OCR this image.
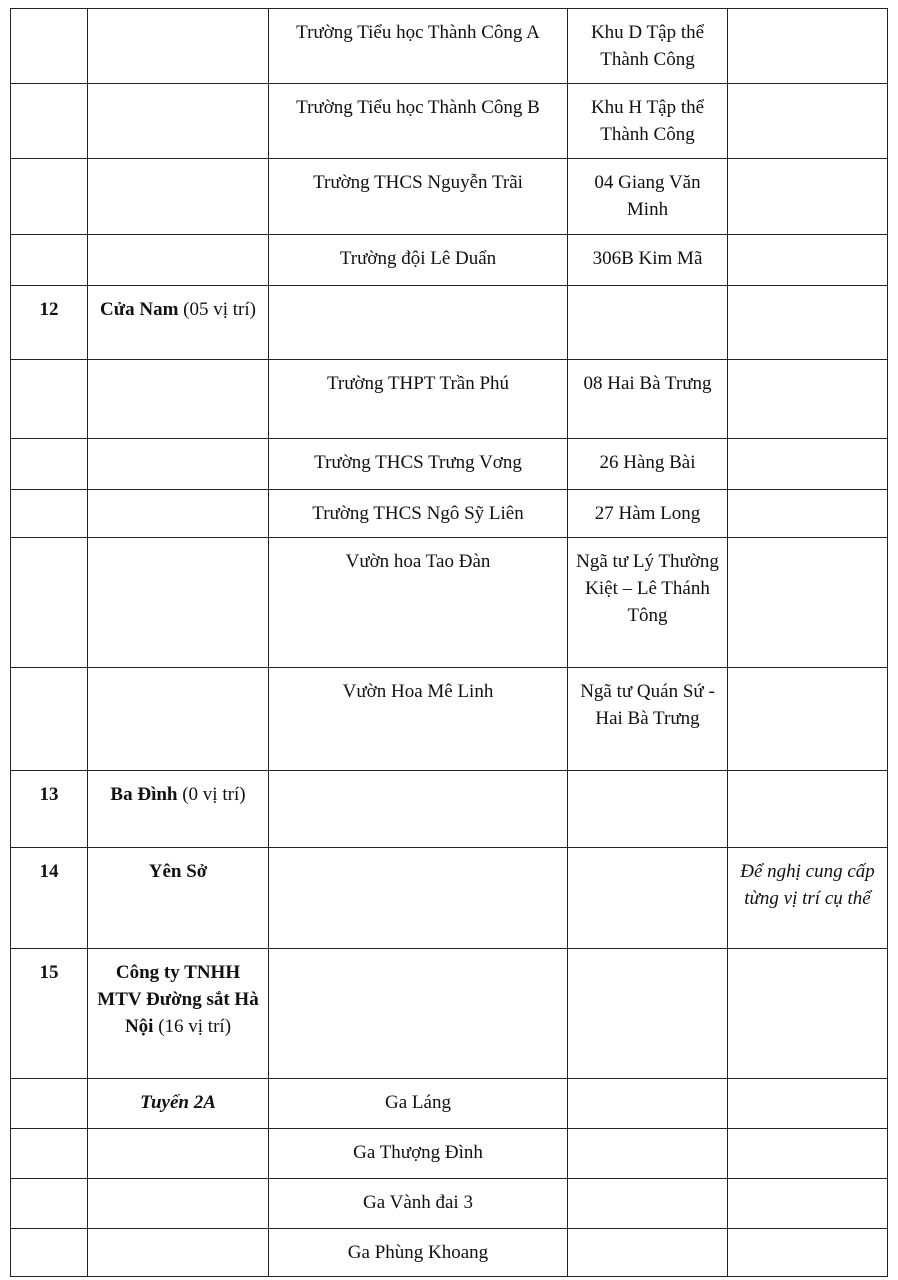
		Trường Tiểu học Thành Công A	Khu D Tập thể Thành Công	
		Trường Tiểu học Thành Công B	Khu H Tập thể Thành Công	
		Trường THCS Nguyễn Trãi	04 Giang Văn Minh	
		Trường đội Lê Duẩn	306B Kim Mã	
12	Cửa Nam (05 vị trí)			
		Trường THPT Trần Phú	08 Hai Bà Trưng	
		Trường THCS Trưng Vơng	26 Hàng Bài	
		Trường THCS Ngô Sỹ Liên	27 Hàm Long	
		Vườn hoa Tao Đàn	Ngã tư Lý Thường Kiệt – Lê Thánh Tông	
		Vườn Hoa Mê Linh	Ngã tư Quán Sứ - Hai Bà Trưng	
13	Ba Đình (0 vị trí)			
14	Yên Sở			Để nghị cung cấp từng vị trí cụ thể
15	Công ty TNHH MTV Đường sắt Hà Nội (16 vị trí)			
	Tuyến 2A	Ga Láng		
		Ga Thượng Đình		
		Ga Vành đai 3		
		Ga Phùng Khoang		
